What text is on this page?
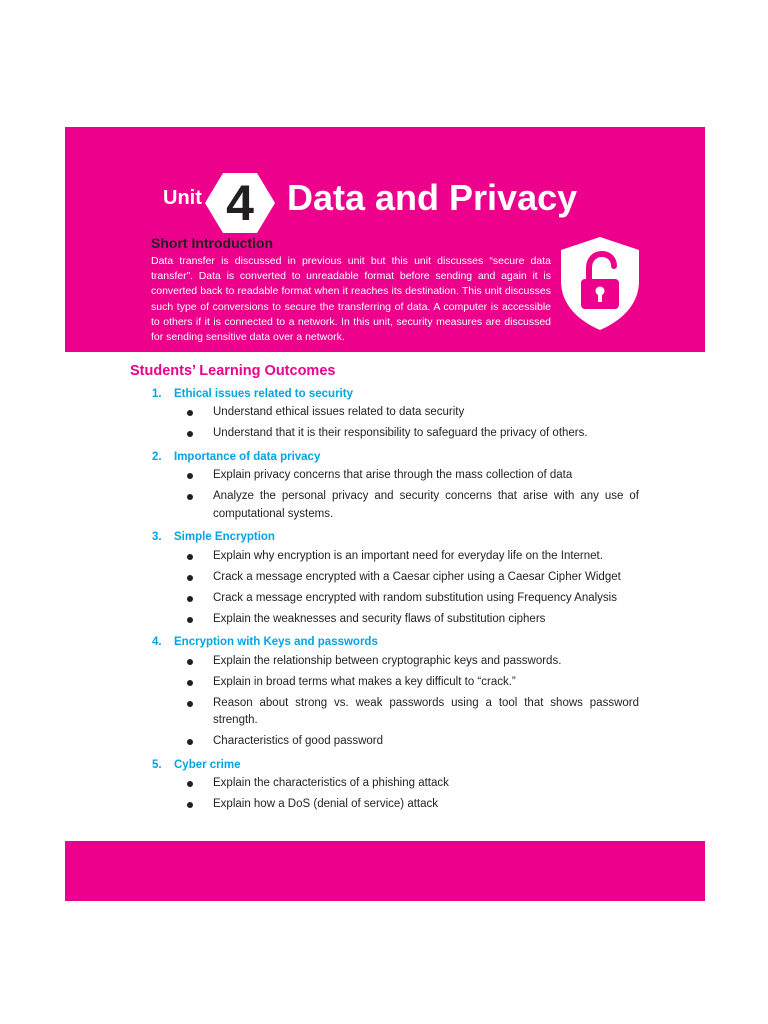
Unit 4 Data and Privacy
Short Introduction
Data transfer is discussed in previous unit but this unit discusses “secure data transfer”. Data is converted to unreadable format before sending and again it is converted back to readable format when it reaches its destination. This unit discusses such type of conversions to secure the transferring of data. A computer is accessible to others if it is connected to a network. In this unit, security measures are discussed for sending sensitive data over a network.
Students’ Learning Outcomes
1.	Ethical issues related to security
Understand ethical issues related to data security
Understand that it is their responsibility to safeguard the privacy of others.
2.	Importance of data privacy
Explain privacy concerns that arise through the mass collection of data
Analyze the personal privacy and security concerns that arise with any use of computational systems.
3.	Simple Encryption
Explain why encryption is an important need for everyday life on the Internet.
Crack a message encrypted with a Caesar cipher using a Caesar Cipher Widget
Crack a message encrypted with random substitution using Frequency Analysis
Explain the weaknesses and security flaws of substitution ciphers
4.	Encryption with Keys and passwords
Explain the relationship between cryptographic keys and passwords.
Explain in broad terms what makes a key difficult to “crack.”
Reason about strong vs. weak passwords using a tool that shows password strength.
Characteristics of good password
5.	Cyber crime
Explain the characteristics of a phishing attack
Explain how a DoS (denial of service) attack
